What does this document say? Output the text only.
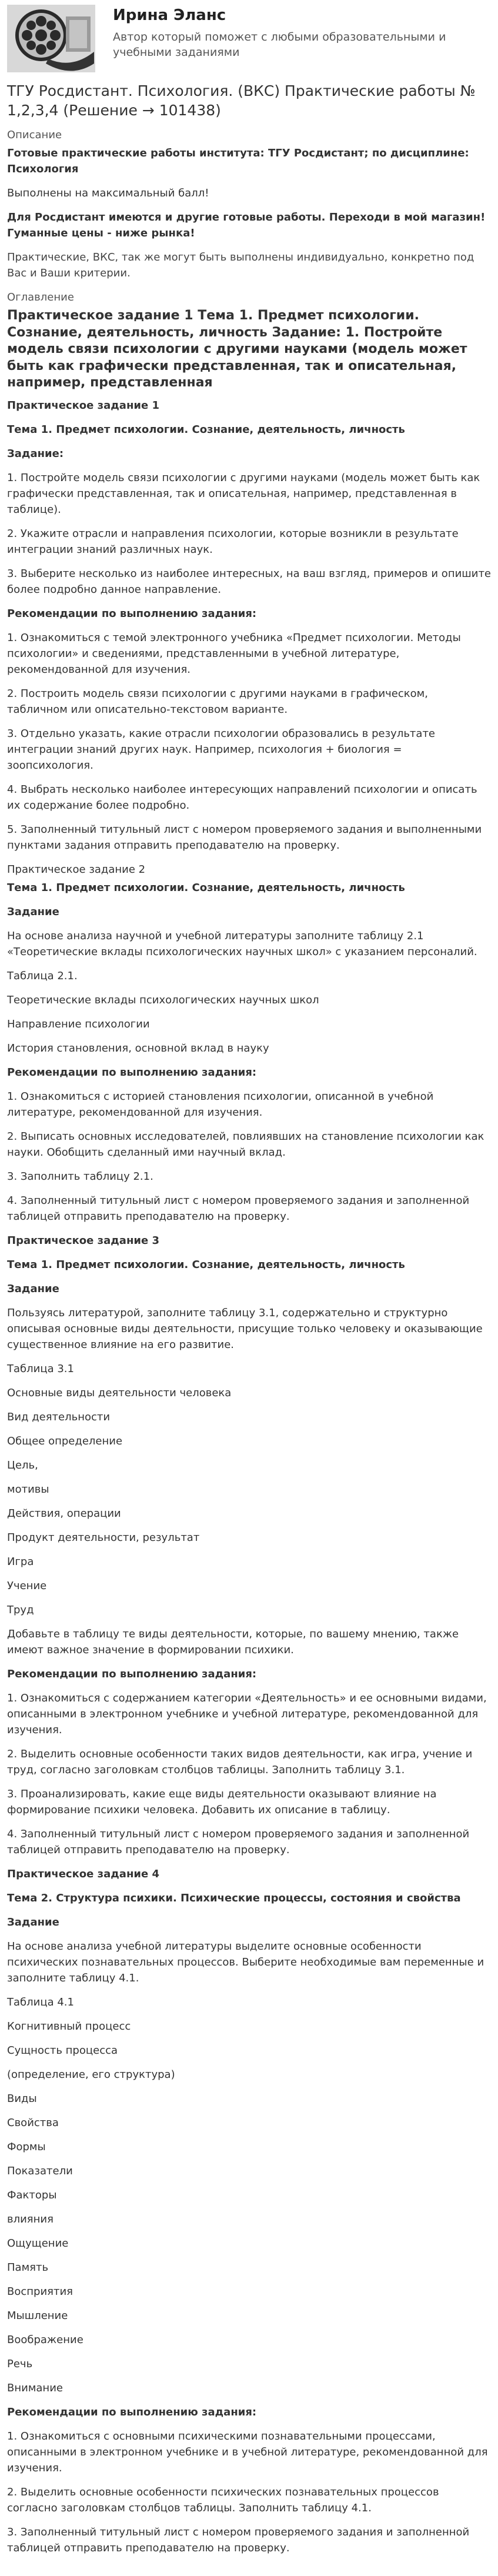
Ирина Эланс
Автор который поможет с любыми образовательными и учебными заданиями
ТГУ Росдистант. Психология. (ВКС) Практические работы № 1,2,3,4 (Решение → 101438)

Описание

Готовые практические работы института: ТГУ Росдистант; по дисциплине: Психология

Выполнены на максимальный балл!

Для Росдистант имеются и другие готовые работы. Переходи в мой магазин! Гуманные цены - ниже рынка!

Практические, ВКС, так же могут быть выполнены индивидуально, конкретно под Вас и Ваши критерии.

Оглавление

Практическое задание 1 Тема 1. Предмет психологии. Сознание, деятельность, личность Задание: 1. Постройте модель связи психологии с другими науками (модель может быть как графически представленная, так и описательная, например, представленная

Практическое задание 1

Тема 1. Предмет психологии. Сознание, деятельность, личность

Задание:

1. Постройте модель связи психологии с другими науками (модель может быть как графически представленная, так и описательная, например, представленная в таблице).

2. Укажите отрасли и направления психологии, которые возникли в результате интеграции знаний различных наук.

3. Выберите несколько из наиболее интересных, на ваш взгляд, примеров и опишите более подробно данное направление.

Рекомендации по выполнению задания:

1. Ознакомиться с темой электронного учебника «Предмет психологии. Методы психологии» и сведениями, представленными в учебной литературе, рекомендованной для изучения.

2. Построить модель связи психологии с другими науками в графическом, табличном или описательно-текстовом варианте.

3. Отдельно указать, какие отрасли психологии образовались в результате интеграции знаний других наук. Например, психология + биология = зоопсихология.

4. Выбрать несколько наиболее интересующих направлений психологии и описать их содержание более подробно.

5. Заполненный титульный лист с номером проверяемого задания и выполненными пунктами задания отправить преподавателю на проверку.

Практическое задание 2

Тема 1. Предмет психологии. Сознание, деятельность, личность

Задание

На основе анализа научной и учебной литературы заполните таблицу 2.1 «Теоретические вклады психологических научных школ» с указанием персоналий.

Таблица 2.1.

Теоретические вклады психологических научных школ

Направление психологии

История становления, основной вклад в науку

Рекомендации по выполнению задания:

1. Ознакомиться с историей становления психологии, описанной в учебной литературе, рекомендованной для изучения.

2. Выписать основных исследователей, повлиявших на становление психологии как науки. Обобщить сделанный ими научный вклад.

3. Заполнить таблицу 2.1.

4. Заполненный титульный лист с номером проверяемого задания и заполненной таблицей отправить преподавателю на проверку.

Практическое задание 3

Тема 1. Предмет психологии. Сознание, деятельность, личность

Задание

Пользуясь литературой, заполните таблицу 3.1, содержательно и структурно описывая основные виды деятельности, присущие только человеку и оказывающие существенное влияние на его развитие.

Таблица 3.1

Основные виды деятельности человека

Вид деятельности

Общее определение

Цель,

мотивы

Действия, операции

Продукт деятельности, результат

Игра

Учение

Труд

Добавьте в таблицу те виды деятельности, которые, по вашему мнению, также имеют важное значение в формировании психики.

Рекомендации по выполнению задания:

1. Ознакомиться с содержанием категории «Деятельность» и ее основными видами, описанными в электронном учебнике и учебной литературе, рекомендованной для изучения.

2. Выделить основные особенности таких видов деятельности, как игра, учение и труд, согласно заголовкам столбцов таблицы. Заполнить таблицу 3.1.

3. Проанализировать, какие еще виды деятельности оказывают влияние на формирование психики человека. Добавить их описание в таблицу.

4. Заполненный титульный лист с номером проверяемого задания и заполненной таблицей отправить преподавателю на проверку.

Практическое задание 4

Тема 2. Структура психики. Психические процессы, состояния и свойства

Задание

На основе анализа учебной литературы выделите основные особенности психических познавательных процессов. Выберите необходимые вам переменные и заполните таблицу 4.1.

Таблица 4.1

Когнитивный процесс

Сущность процесса

(определение, его структура)

Виды

Свойства

Формы

Показатели

Факторы

влияния

Ощущение

Память

Восприятия

Мышление

Воображение

Речь

Внимание

Рекомендации по выполнению задания:

1. Ознакомиться с основными психическими познавательными процессами, описанными в электронном учебнике и в учебной литературе, рекомендованной для изучения.

2. Выделить основные особенности психических познавательных процессов согласно заголовкам столбцов таблицы. Заполнить таблицу 4.1.

3. Заполненный титульный лист с номером проверяемого задания и заполненной таблицей отправить преподавателю на проверку.
